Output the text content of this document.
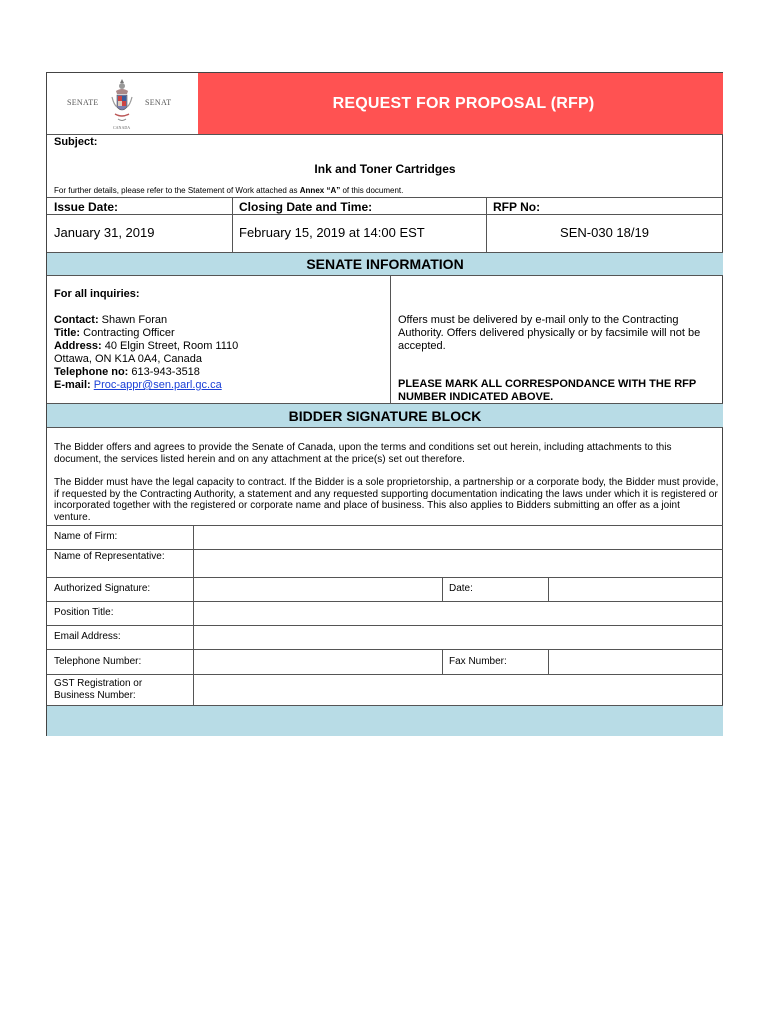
SENATE	SENAT
CANADA
REQUEST FOR PROPOSAL (RFP)
Subject:
Ink and Toner Cartridges
For further details, please refer to the Statement of Work attached as Annex “A” of this document.
Issue Date:	Closing Date and Time:	RFP No:
January 31, 2019	February 15, 2019 at 14:00 EST	SEN-030 18/19
SENATE INFORMATION
For all inquiries:
Contact: Shawn Foran
Title: Contracting Officer
Address: 40 Elgin Street, Room 1110
Ottawa, ON K1A 0A4, Canada
Telephone no: 613-943-3518
E-mail: Proc-appr@sen.parl.gc.ca
Offers must be delivered by e-mail only to the Contracting Authority. Offers delivered physically or by facsimile will not be accepted.
PLEASE MARK ALL CORRESPONDANCE WITH THE RFP NUMBER INDICATED ABOVE.
BIDDER SIGNATURE BLOCK
The Bidder offers and agrees to provide the Senate of Canada, upon the terms and conditions set out herein, including attachments to this document, the services listed herein and on any attachment at the price(s) set out therefore.
The Bidder must have the legal capacity to contract. If the Bidder is a sole proprietorship, a partnership or a corporate body, the Bidder must provide, if requested by the Contracting Authority, a statement and any requested supporting documentation indicating the laws under which it is registered or incorporated together with the registered or corporate name and place of business. This also applies to Bidders submitting an offer as a joint venture.
Name of Firm:
Name of Representative:
Authorized Signature:	Date:
Position Title:
Email Address:
Telephone Number:	Fax Number:
GST Registration or Business Number:
